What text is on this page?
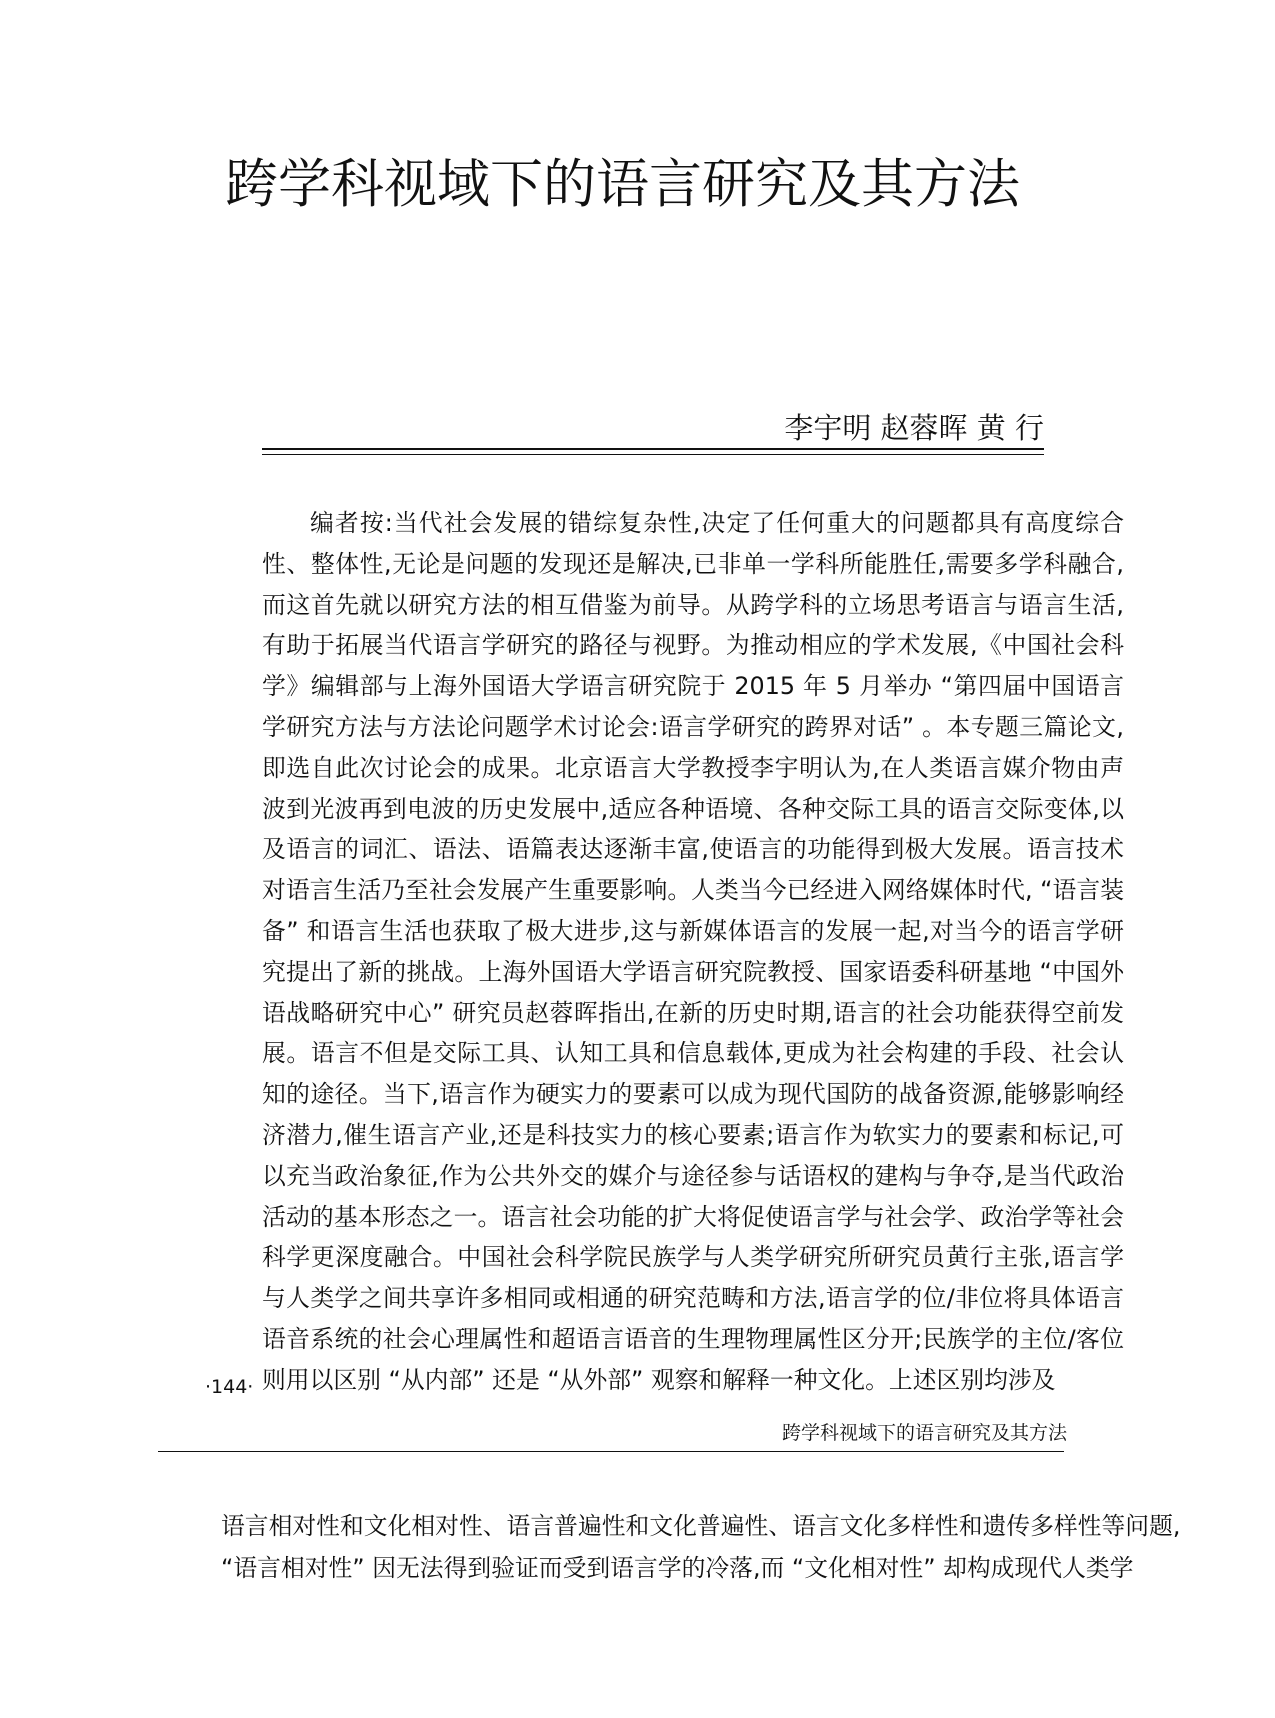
跨学科视域下的语言研究及其方法
李宇明 赵蓉晖 黄 行

编者按:当代社会发展的错综复杂性,决定了任何重大的问题都具有高度综合性、整体性,无论是问题的发现还是解决,已非单一学科所能胜任,需要多学科融合,而这首先就以研究方法的相互借鉴为前导。从跨学科的立场思考语言与语言生活,有助于拓展当代语言学研究的路径与视野。为推动相应的学术发展,《中国社会科学》编辑部与上海外国语大学语言研究院于 2015 年 5 月举办 “第四届中国语言学研究方法与方法论问题学术讨论会:语言学研究的跨界对话” 。本专题三篇论文,即选自此次讨论会的成果。北京语言大学教授李宇明认为,在人类语言媒介物由声波到光波再到电波的历史发展中,适应各种语境、各种交际工具的语言交际变体,以及语言的词汇、语法、语篇表达逐渐丰富,使语言的功能得到极大发展。语言技术对语言生活乃至社会发展产生重要影响。人类当今已经进入网络媒体时代, “语言装备” 和语言生活也获取了极大进步,这与新媒体语言的发展一起,对当今的语言学研究提出了新的挑战。上海外国语大学语言研究院教授、国家语委科研基地 “中国外语战略研究中心” 研究员赵蓉晖指出,在新的历史时期,语言的社会功能获得空前发展。语言不但是交际工具、认知工具和信息载体,更成为社会构建的手段、社会认知的途径。当下,语言作为硬实力的要素可以成为现代国防的战备资源,能够影响经济潜力,催生语言产业,还是科技实力的核心要素;语言作为软实力的要素和标记,可以充当政治象征,作为公共外交的媒介与途径参与话语权的建构与争夺,是当代政治活动的基本形态之一。语言社会功能的扩大将促使语言学与社会学、政治学等社会科学更深度融合。中国社会科学院民族学与人类学研究所研究员黄行主张,语言学与人类学之间共享许多相同或相通的研究范畴和方法,语言学的位/非位将具体语言语音系统的社会心理属性和超语言语音的生理物理属性区分开;民族学的主位/客位则用以区别 “从内部” 还是 “从外部” 观察和解释一种文化。上述区别均涉及

·144·
跨学科视域下的语言研究及其方法
语言相对性和文化相对性、语言普遍性和文化普遍性、语言文化多样性和遗传多样性等问题,
“语言相对性” 因无法得到验证而受到语言学的冷落,而 “文化相对性” 却构成现代人类学
